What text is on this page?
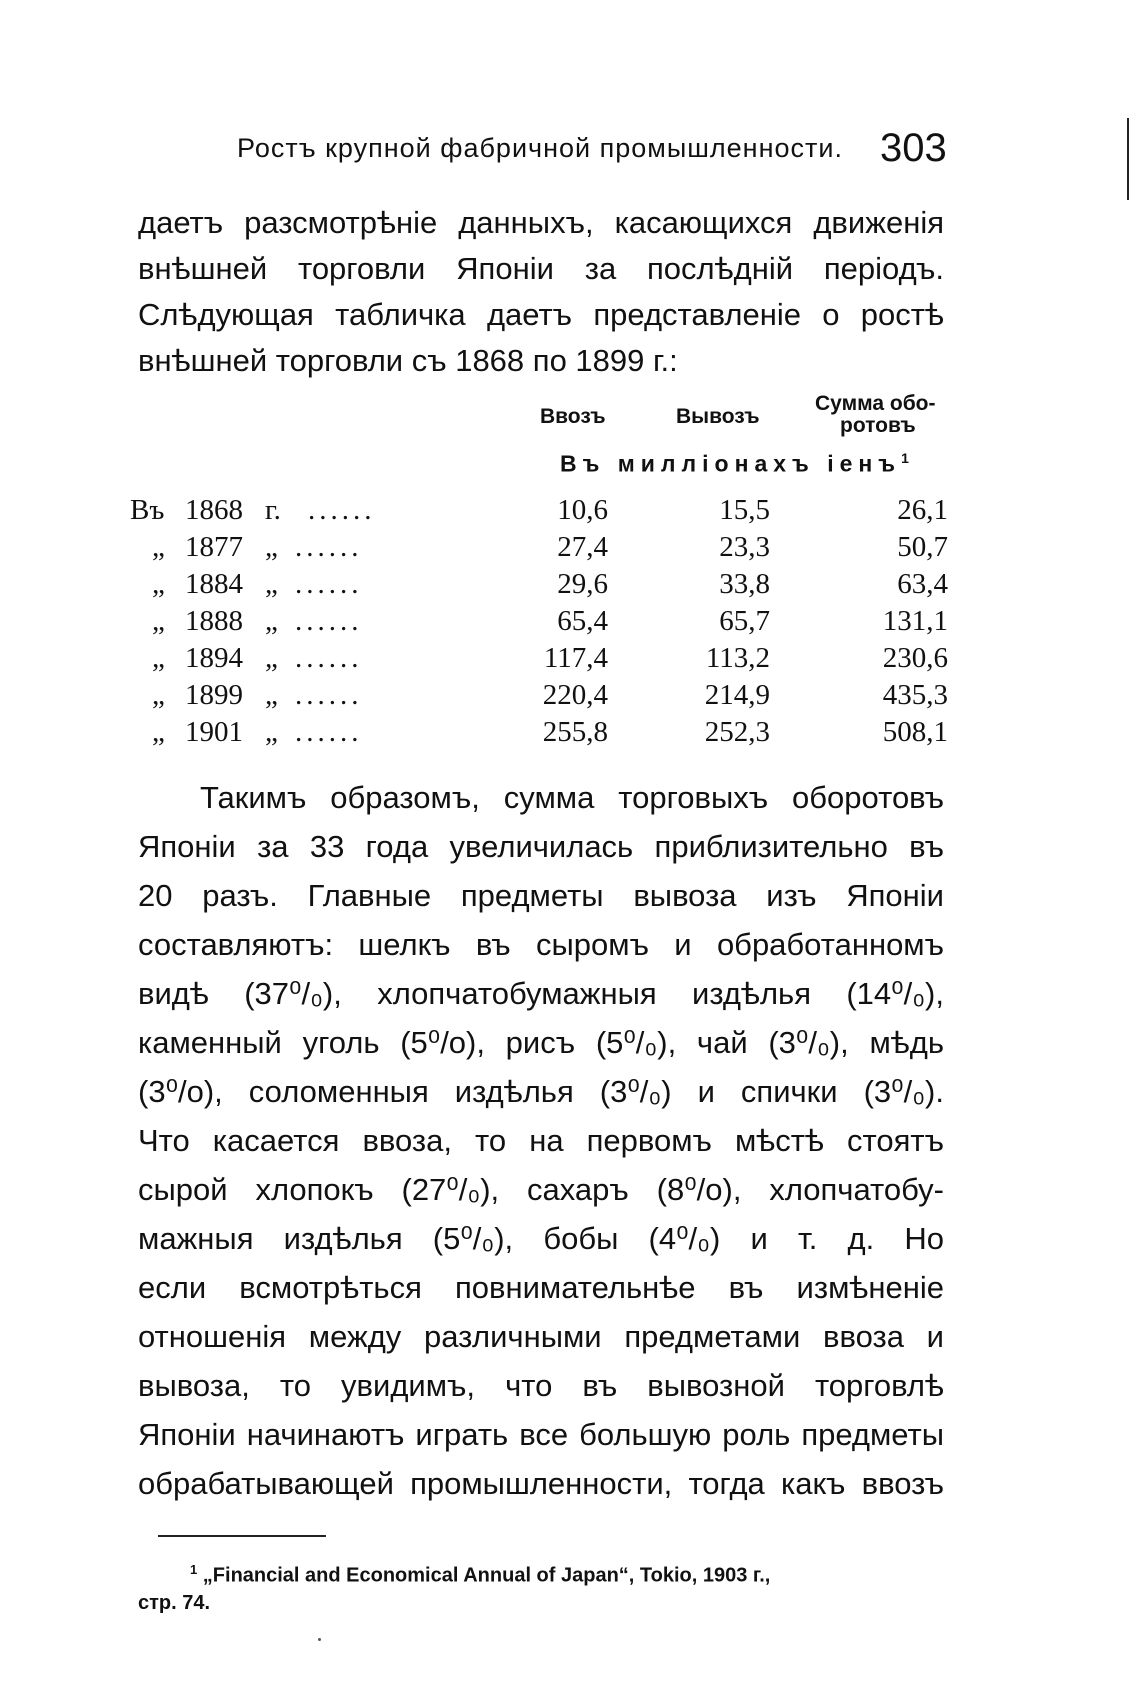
Ростъ крупной фабричной промышленности. 303
даетъ разсмотрѣніе данныхъ, касающихся движенія
внѣшней торговли Японіи за послѣдній періодъ.
Слѣдующая табличка даетъ представленіе о ростѣ
внѣшней торговли съ 1868 по 1899 г.:
Ввозъ	Вывозъ
Сумма обо-
ротовъ
Въ милліонахъ іенъ$^1$
Въ 1868 г. ......	10,6	15,5	26,1
„ 1877 „ ......	27,4	23,3	50,7
„ 1884 „ ......	29,6	33,8	63,4
„ 1888 „ ......	65,4	65,7	131,1
„ 1894 „ ......	117,4	113,2	230,6
„ 1899 „ ......	220,4	214,9	435,3
„ 1901 „ ......	255,8	252,3	508,1
Такимъ образомъ, сумма торговыхъ оборотовъ
Японіи за 33 года увеличилась приблизительно въ
20 разъ. Главные предметы вывоза изъ Японіи
составляютъ: шелкъ въ сыромъ и обработанномъ
видѣ (37⁰/₀), хлопчатобумажныя издѣлья (14⁰/₀),
каменный уголь (5⁰/о), рисъ (5⁰/₀), чай (3⁰/₀), мѣдь
(3⁰/о), соломенныя издѣлья (3⁰/₀) и спички (3⁰/₀).
Что касается ввоза, то на первомъ мѣстѣ стоятъ
сырой хлопокъ (27⁰/₀), сахаръ (8⁰/о), хлопчатобу-
мажныя издѣлья (5⁰/₀), бобы (4⁰/₀) и т. д. Но
если всмотрѣться повнимательнѣе въ измѣненіе
отношенія между различными предметами ввоза и
вывоза, то увидимъ, что въ вывозной торговлѣ
Японіи начинаютъ играть все большую роль предметы
обрабатывающей промышленности, тогда какъ ввозъ
$^1$ „Financial and Economical Annual of Japan“, Tokio, 1903 г.,
стр. 74.
